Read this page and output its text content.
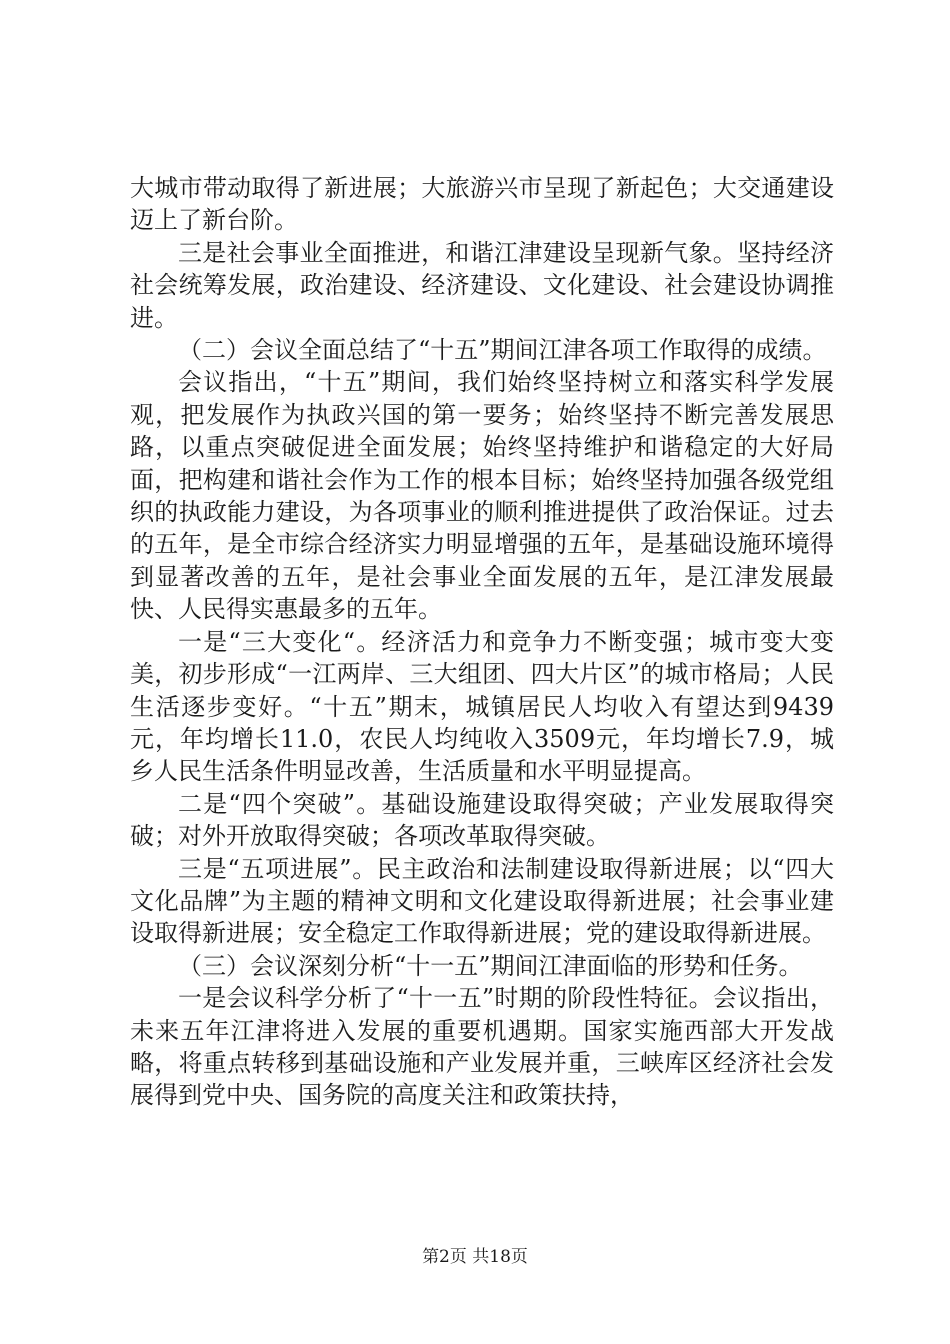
大城市带动取得了新进展；大旅游兴市呈现了新起色；大交通建设迈上了新台阶。

三是社会事业全面推进，和谐江津建设呈现新气象。坚持经济社会统筹发展，政治建设、经济建设、文化建设、社会建设协调推进。

（二）会议全面总结了“十五”期间江津各项工作取得的成绩。

会议指出，“十五”期间，我们始终坚持树立和落实科学发展观，把发展作为执政兴国的第一要务；始终坚持不断完善发展思路，以重点突破促进全面发展；始终坚持维护和谐稳定的大好局面，把构建和谐社会作为工作的根本目标；始终坚持加强各级党组织的执政能力建设，为各项事业的顺利推进提供了政治保证。过去的五年，是全市综合经济实力明显增强的五年，是基础设施环境得到显著改善的五年，是社会事业全面发展的五年，是江津发展最快、人民得实惠最多的五年。

一是“三大变化“。经济活力和竞争力不断变强；城市变大变美，初步形成“一江两岸、三大组团、四大片区”的城市格局；人民生活逐步变好。“十五”期末，城镇居民人均收入有望达到9439元，年均增长11.0，农民人均纯收入3509元，年均增长7.9，城乡人民生活条件明显改善，生活质量和水平明显提高。

二是“四个突破”。基础设施建设取得突破；产业发展取得突破；对外开放取得突破；各项改革取得突破。

三是“五项进展”。民主政治和法制建设取得新进展；以“四大文化品牌”为主题的精神文明和文化建设取得新进展；社会事业建设取得新进展；安全稳定工作取得新进展；党的建设取得新进展。

（三）会议深刻分析“十一五”期间江津面临的形势和任务。

一是会议科学分析了“十一五”时期的阶段性特征。会议指出，未来五年江津将进入发展的重要机遇期。国家实施西部大开发战略，将重点转移到基础设施和产业发展并重，三峡库区经济社会发展得到党中央、国务院的高度关注和政策扶持，

第2页 共18页
